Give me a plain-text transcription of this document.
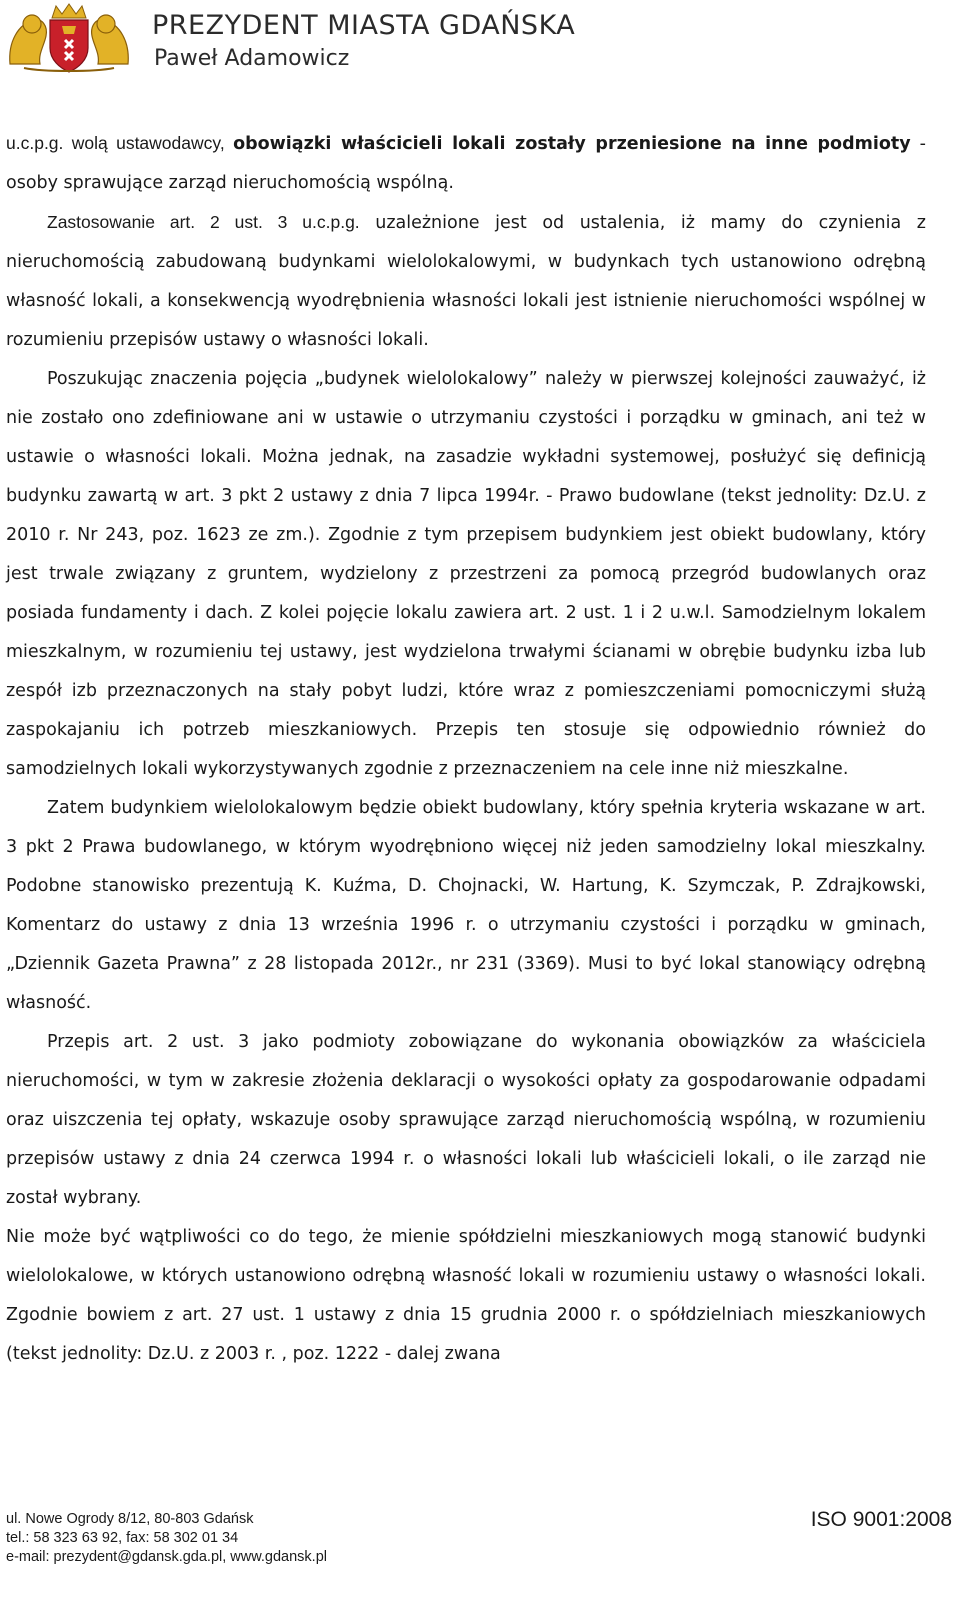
PREZYDENT MIASTA GDAŃSKA
Paweł Adamowicz

u.c.p.g. wolą ustawodawcy, obowiązki właścicieli lokali zostały przeniesione na inne podmioty - osoby sprawujące zarząd nieruchomością wspólną.

Zastosowanie art. 2 ust. 3 u.c.p.g. uzależnione jest od ustalenia, iż mamy do czynienia z nieruchomością zabudowaną budynkami wielolokalowymi, w budynkach tych ustanowiono odrębną własność lokali, a konsekwencją wyodrębnienia własności lokali jest istnienie nieruchomości wspólnej w rozumieniu przepisów ustawy o własności lokali.

Poszukując znaczenia pojęcia „budynek wielolokalowy” należy w pierwszej kolejności zauważyć, iż nie zostało ono zdefiniowane ani w ustawie o utrzymaniu czystości i porządku w gminach, ani też w ustawie o własności lokali. Można jednak, na zasadzie wykładni systemowej, posłużyć się definicją budynku zawartą w art. 3 pkt 2 ustawy z dnia 7 lipca 1994r. - Prawo budowlane (tekst jednolity: Dz.U. z 2010 r. Nr 243, poz. 1623 ze zm.). Zgodnie z tym przepisem budynkiem jest obiekt budowlany, który jest trwale związany z gruntem, wydzielony z przestrzeni za pomocą przegród budowlanych oraz posiada fundamenty i dach. Z kolei pojęcie lokalu zawiera art. 2 ust. 1 i 2 u.w.l. Samodzielnym lokalem mieszkalnym, w rozumieniu tej ustawy, jest wydzielona trwałymi ścianami w obrębie budynku izba lub zespół izb przeznaczonych na stały pobyt ludzi, które wraz z pomieszczeniami pomocniczymi służą zaspokajaniu ich potrzeb mieszkaniowych. Przepis ten stosuje się odpowiednio również do samodzielnych lokali wykorzystywanych zgodnie z przeznaczeniem na cele inne niż mieszkalne.

Zatem budynkiem wielolokalowym będzie obiekt budowlany, który spełnia kryteria wskazane w art. 3 pkt 2 Prawa budowlanego, w którym wyodrębniono więcej niż jeden samodzielny lokal mieszkalny. Podobne stanowisko prezentują K. Kuźma, D. Chojnacki, W. Hartung, K. Szymczak, P. Zdrajkowski, Komentarz do ustawy z dnia 13 września 1996 r. o utrzymaniu czystości i porządku w gminach, „Dziennik Gazeta Prawna” z 28 listopada 2012r., nr 231 (3369). Musi to być lokal stanowiący odrębną własność.

Przepis art. 2 ust. 3 jako podmioty zobowiązane do wykonania obowiązków za właściciela nieruchomości, w tym w zakresie złożenia deklaracji o wysokości opłaty za gospodarowanie odpadami oraz uiszczenia tej opłaty, wskazuje osoby sprawujące zarząd nieruchomością wspólną, w rozumieniu przepisów ustawy z dnia 24 czerwca 1994 r. o własności lokali lub właścicieli lokali, o ile zarząd nie został wybrany.

Nie może być wątpliwości co do tego, że mienie spółdzielni mieszkaniowych mogą stanowić budynki wielolokalowe, w których ustanowiono odrębną własność lokali w rozumieniu ustawy o własności lokali. Zgodnie bowiem z art. 27 ust. 1 ustawy z dnia 15 grudnia 2000 r. o spółdzielniach mieszkaniowych (tekst jednolity: Dz.U. z 2003 r. , poz. 1222 - dalej zwana

ul. Nowe Ogrody 8/12, 80-803 Gdańsk
tel.: 58 323 63 92, fax: 58 302 01 34
e-mail: prezydent@gdansk.gda.pl, www.gdansk.pl
ISO 9001:2008
